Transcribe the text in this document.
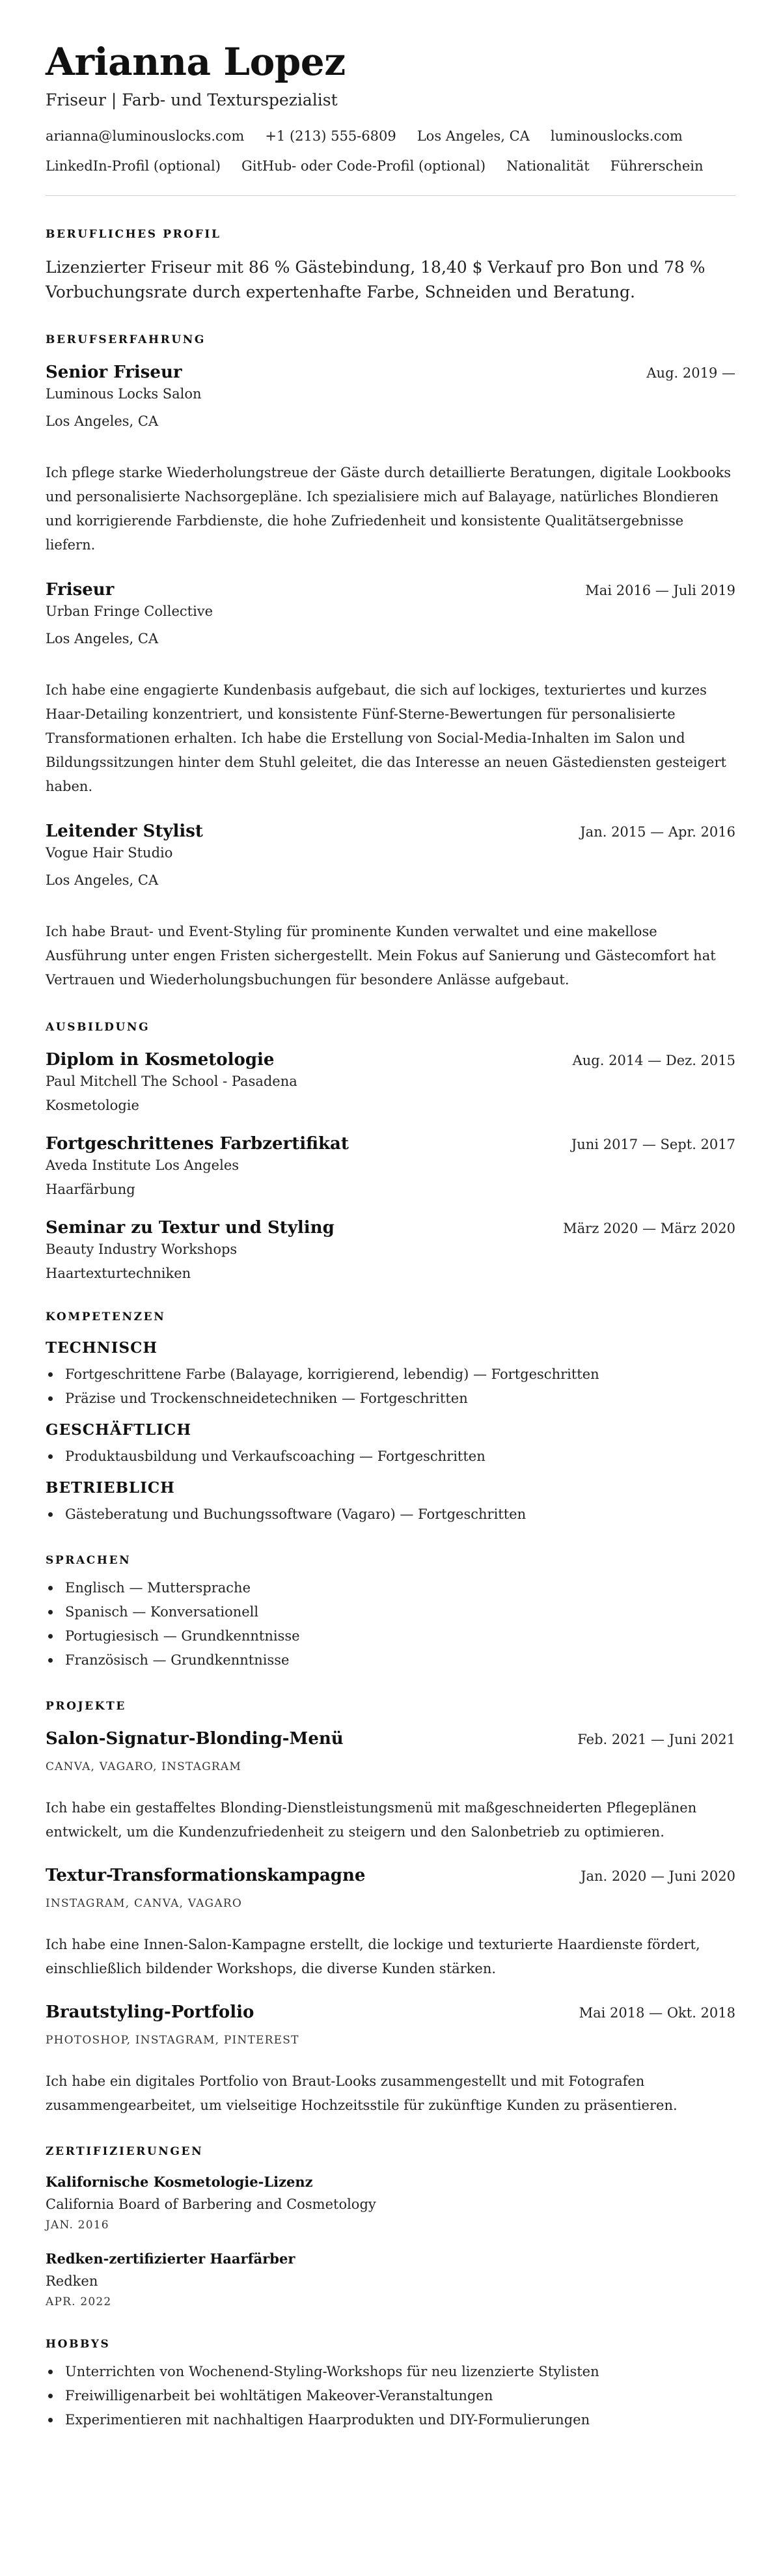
Arianna Lopez
Friseur | Farb- und Texturspezialist
arianna@luminouslocks.com +1 (213) 555-6809 Los Angeles, CA luminouslocks.com
LinkedIn-Profil (optional) GitHub- oder Code-Profil (optional) Nationalität Führerschein
BERUFLICHES PROFIL

Lizenzierter Friseur mit 86 % Gästebindung, 18,40 $ Verkauf pro Bon und 78 % Vorbuchungsrate durch expertenhafte Farbe, Schneiden und Beratung.

BERUFSERFAHRUNG
Senior Friseur	Aug. 2019 —
Luminous Locks Salon
Los Angeles, CA

Ich pflege starke Wiederholungstreue der Gäste durch detaillierte Beratungen, digitale Lookbooks und personalisierte Nachsorgepläne. Ich spezialisiere mich auf Balayage, natürliches Blondieren und korrigierende Farbdienste, die hohe Zufriedenheit und konsistente Qualitätsergebnisse liefern.

Friseur	Mai 2016 — Juli 2019
Urban Fringe Collective
Los Angeles, CA

Ich habe eine engagierte Kundenbasis aufgebaut, die sich auf lockiges, texturiertes und kurzes Haar-Detailing konzentriert, und konsistente Fünf-Sterne-Bewertungen für personalisierte Transformationen erhalten. Ich habe die Erstellung von Social-Media-Inhalten im Salon und Bildungssitzungen hinter dem Stuhl geleitet, die das Interesse an neuen Gästediensten gesteigert haben.

Leitender Stylist	Jan. 2015 — Apr. 2016
Vogue Hair Studio
Los Angeles, CA

Ich habe Braut- und Event-Styling für prominente Kunden verwaltet und eine makellose Ausführung unter engen Fristen sichergestellt. Mein Fokus auf Sanierung und Gästecomfort hat Vertrauen und Wiederholungsbuchungen für besondere Anlässe aufgebaut.

AUSBILDUNG
Diplom in Kosmetologie	Aug. 2014 — Dez. 2015
Paul Mitchell The School - Pasadena
Kosmetologie
Fortgeschrittenes Farbzertifikat	Juni 2017 — Sept. 2017
Aveda Institute Los Angeles
Haarfärbung
Seminar zu Textur und Styling	März 2020 — März 2020
Beauty Industry Workshops
Haartexturtechniken
KOMPETENZEN
TECHNISCH
Fortgeschrittene Farbe (Balayage, korrigierend, lebendig) — Fortgeschritten
Präzise und Trockenschneidetechniken — Fortgeschritten
GESCHÄFTLICH
Produktausbildung und Verkaufscoaching — Fortgeschritten
BETRIEBLICH
Gästeberatung und Buchungssoftware (Vagaro) — Fortgeschritten
SPRACHEN
Englisch — Muttersprache
Spanisch — Konversationell
Portugiesisch — Grundkenntnisse
Französisch — Grundkenntnisse
PROJEKTE
Salon-Signatur-Blonding-Menü	Feb. 2021 — Juni 2021
CANVA, VAGARO, INSTAGRAM

Ich habe ein gestaffeltes Blonding-Dienstleistungsmenü mit maßgeschneiderten Pflegeplänen entwickelt, um die Kundenzufriedenheit zu steigern und den Salonbetrieb zu optimieren.

Textur-Transformationskampagne	Jan. 2020 — Juni 2020
INSTAGRAM, CANVA, VAGARO

Ich habe eine Innen-Salon-Kampagne erstellt, die lockige und texturierte Haardienste fördert, einschließlich bildender Workshops, die diverse Kunden stärken.

Brautstyling-Portfolio	Mai 2018 — Okt. 2018
PHOTOSHOP, INSTAGRAM, PINTEREST

Ich habe ein digitales Portfolio von Braut-Looks zusammengestellt und mit Fotografen zusammengearbeitet, um vielseitige Hochzeitsstile für zukünftige Kunden zu präsentieren.

ZERTIFIZIERUNGEN
Kalifornische Kosmetologie-Lizenz
California Board of Barbering and Cosmetology
JAN. 2016
Redken-zertifizierter Haarfärber
Redken
APR. 2022
HOBBYS
Unterrichten von Wochenend-Styling-Workshops für neu lizenzierte Stylisten
Freiwilligenarbeit bei wohltätigen Makeover-Veranstaltungen
Experimentieren mit nachhaltigen Haarprodukten und DIY-Formulierungen
